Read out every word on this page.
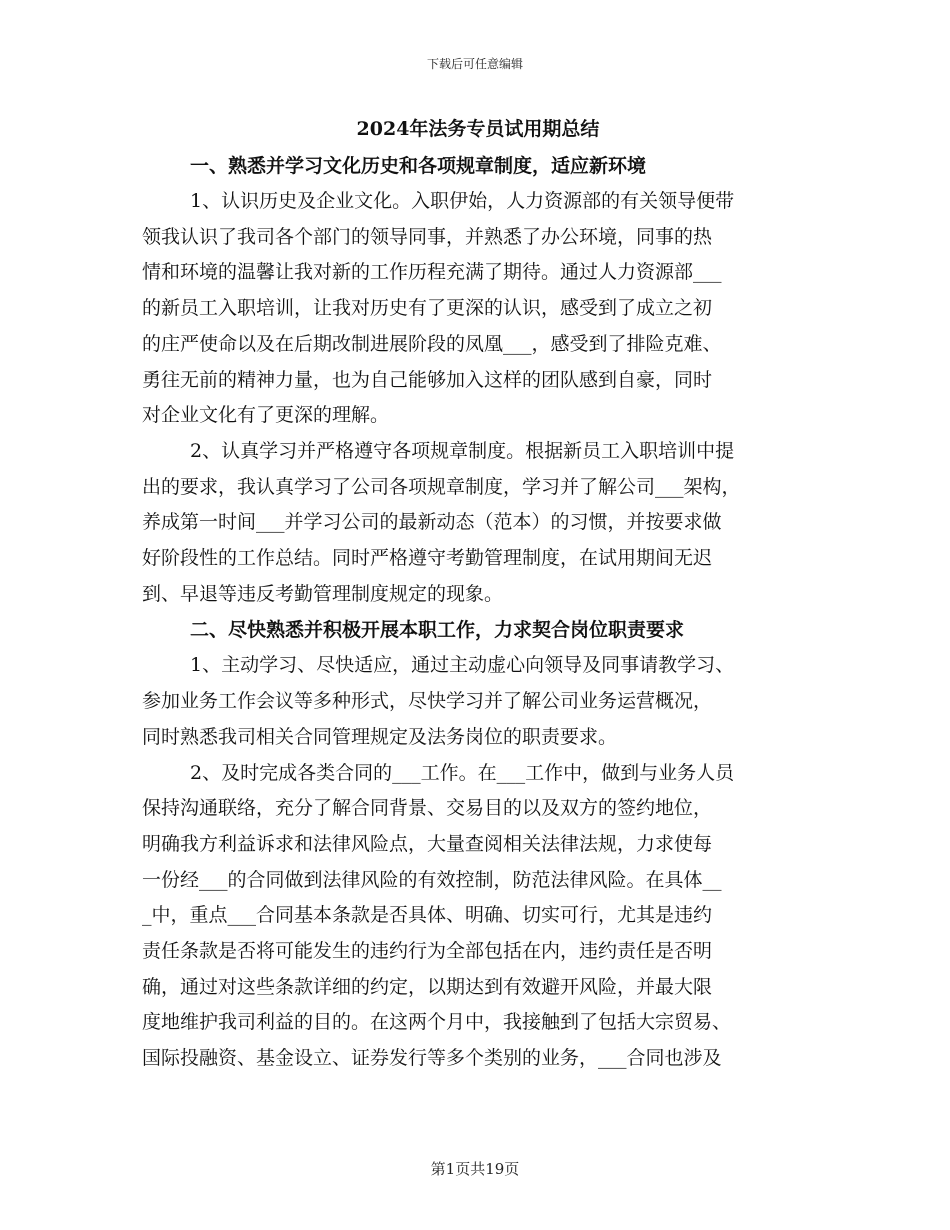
下载后可任意编辑
2024年法务专员试用期总结
一、熟悉并学习文化历史和各项规章制度，适应新环境
1、认识历史及企业文化。入职伊始，人力资源部的有关领导便带
领我认识了我司各个部门的领导同事，并熟悉了办公环境，同事的热
情和环境的温馨让我对新的工作历程充满了期待。通过人力资源部___
的新员工入职培训，让我对历史有了更深的认识，感受到了成立之初
的庄严使命以及在后期改制进展阶段的凤凰___，感受到了排险克难、
勇往无前的精神力量，也为自己能够加入这样的团队感到自豪，同时
对企业文化有了更深的理解。
2、认真学习并严格遵守各项规章制度。根据新员工入职培训中提
出的要求，我认真学习了公司各项规章制度，学习并了解公司___架构，
养成第一时间___并学习公司的最新动态（范本）的习惯，并按要求做
好阶段性的工作总结。同时严格遵守考勤管理制度，在试用期间无迟
到、早退等违反考勤管理制度规定的现象。
二、尽快熟悉并积极开展本职工作，力求契合岗位职责要求
1、主动学习、尽快适应，通过主动虚心向领导及同事请教学习、
参加业务工作会议等多种形式，尽快学习并了解公司业务运营概况，
同时熟悉我司相关合同管理规定及法务岗位的职责要求。
2、及时完成各类合同的___工作。在___工作中，做到与业务人员
保持沟通联络，充分了解合同背景、交易目的以及双方的签约地位，
明确我方利益诉求和法律风险点，大量查阅相关法律法规，力求使每
一份经___的合同做到法律风险的有效控制，防范法律风险。在具体__
_中，重点___合同基本条款是否具体、明确、切实可行，尤其是违约
责任条款是否将可能发生的违约行为全部包括在内，违约责任是否明
确，通过对这些条款详细的约定，以期达到有效避开风险，并最大限
度地维护我司利益的目的。在这两个月中，我接触到了包括大宗贸易、
国际投融资、基金设立、证券发行等多个类别的业务，___合同也涉及
第1页共19页
